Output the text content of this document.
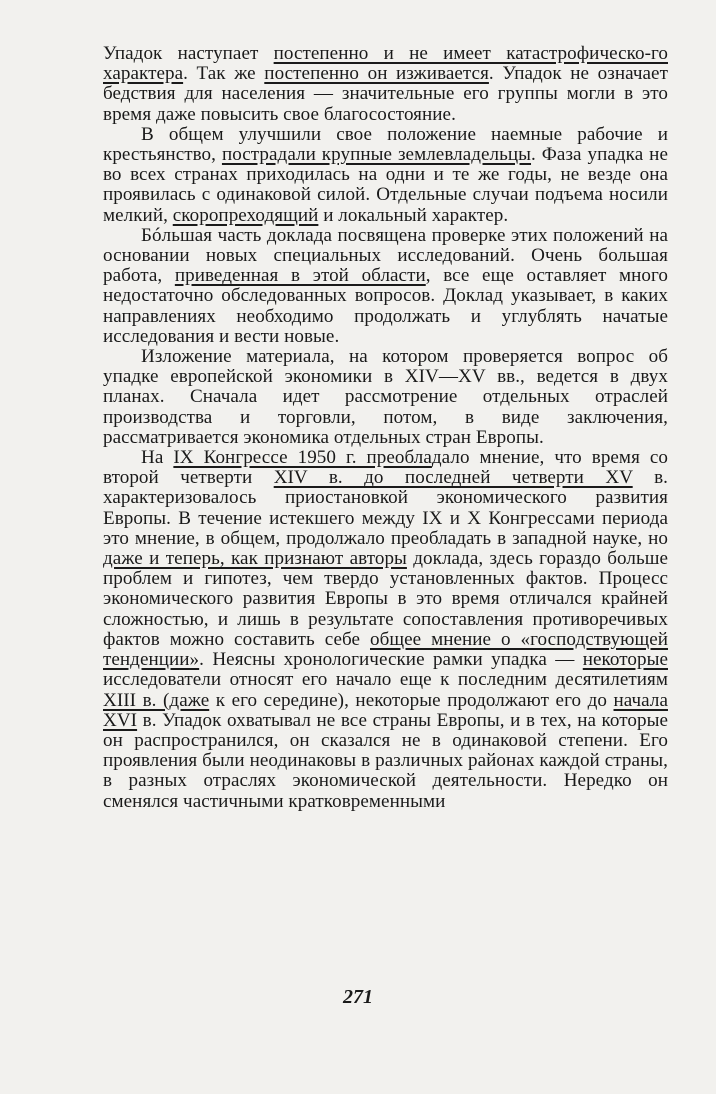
Упадок наступает постепенно и не имеет катастрофическо-го характера. Так же постепенно он изживается. Упадок не означает бедствия для населения — значительные его группы могли в это время даже повысить свое благосостояние.

В общем улучшили свое положение наемные рабочие и крестьянство, пострадали крупные землевладельцы. Фаза упадка не во всех странах приходилась на одни и те же годы, не везде она проявилась с одинаковой силой. Отдельные случаи подъема носили мелкий, скоропреходящий и локальный характер.

Бóльшая часть доклада посвящена проверке этих положений на основании новых специальных исследований. Очень большая работа, приведенная в этой области, все еще оставляет много недостаточно обследованных вопросов. Доклад указывает, в каких направлениях необходимо продолжать и углублять начатые исследования и вести новые.

Изложение материала, на котором проверяется вопрос об упадке европейской экономики в XIV—XV вв., ведется в двух планах. Сначала идет рассмотрение отдельных отраслей производства и торговли, потом, в виде заключения, рассматривается экономика отдельных стран Европы.

На IX Конгрессе 1950 г. преобладало мнение, что время со второй четверти XIV в. до последней четверти XV в. характеризовалось приостановкой экономического развития Европы. В течение истекшего между IX и X Конгрессами периода это мнение, в общем, продолжало преобладать в западной науке, но даже и теперь, как признают авторы доклада, здесь гораздо больше проблем и гипотез, чем твердо установленных фактов. Процесс экономического развития Европы в это время отличался крайней сложностью, и лишь в результате сопоставления противоречивых фактов можно составить себе общее мнение о «господствующей тенденции». Неясны хронологические рамки упадка — некоторые исследователи относят его начало еще к последним десятилетиям XIII в. (даже к его середине), некоторые продолжают его до начала XVI в. Упадок охватывал не все страны Европы, и в тех, на которые он распространился, он сказался не в одинаковой степени. Его проявления были неодинаковы в различных районах каждой страны, в разных отраслях экономической деятельности. Нередко он сменялся частичными кратковременными

271
